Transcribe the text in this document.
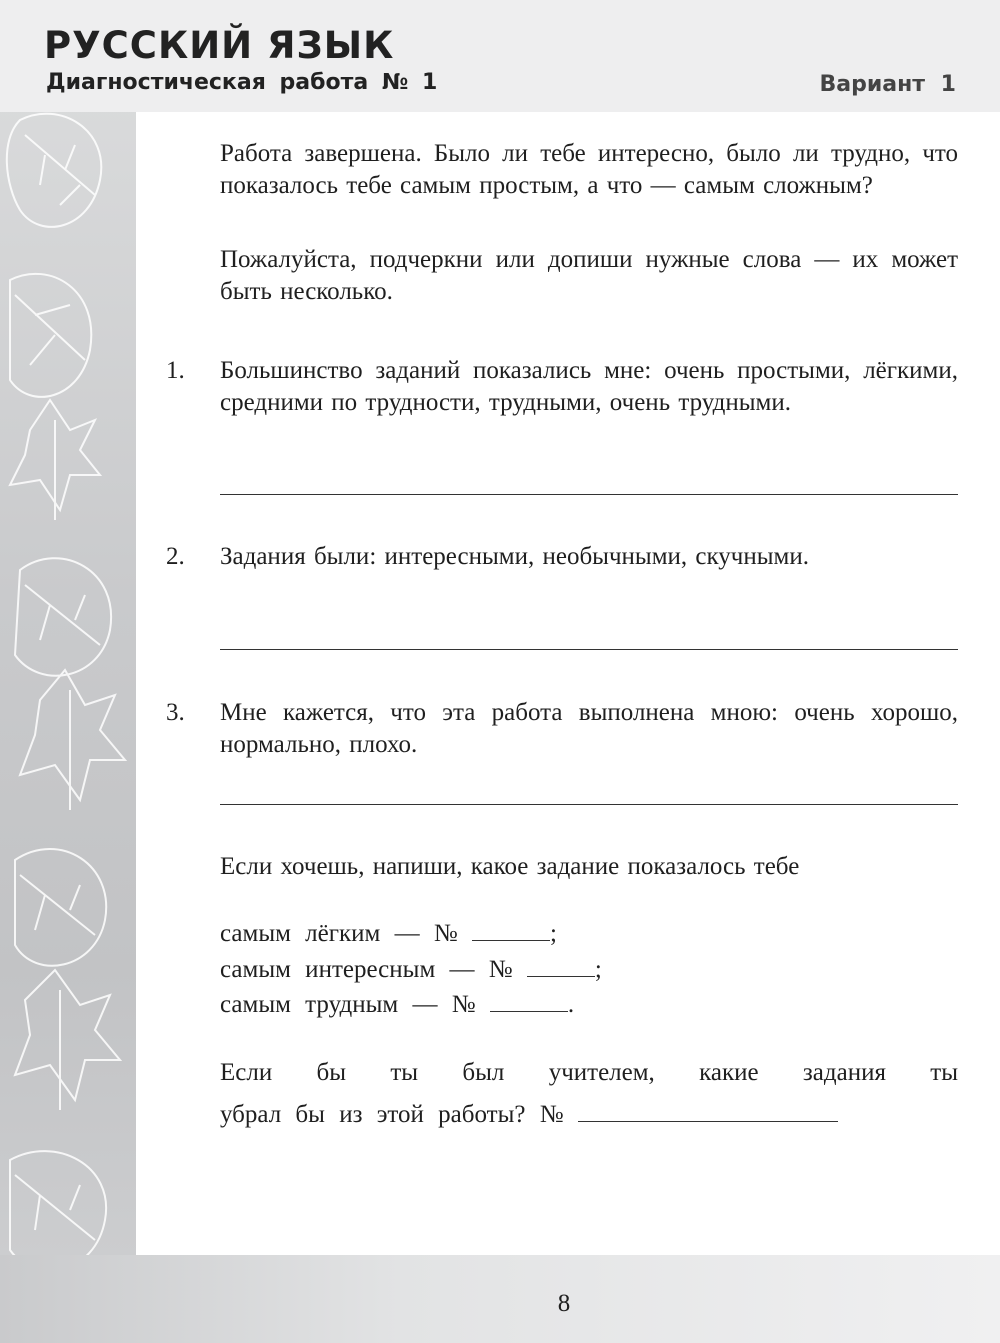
РУССКИЙ ЯЗЫК
Диагностическая работа № 1	Вариант 1
Работа завершена. Было ли тебе интересно, было ли трудно, что показалось тебе самым простым, а что — самым сложным?
Пожалуйста, подчеркни или допиши нужные слова — их может быть несколько.
1. Большинство заданий показались мне: очень простыми, лёгкими, средними по трудности, трудными, очень трудными.
2. Задания были: интересными, необычными, скучными.
3. Мне кажется, что эта работа выполнена мною: очень хорошо, нормально, плохо.
Если хочешь, напиши, какое задание показалось тебе
самым лёгким — №	;
самым интересным — №	;
самым трудным — №	.
Если бы ты был учителем, какие задания ты
убрал бы из этой работы? №
8
